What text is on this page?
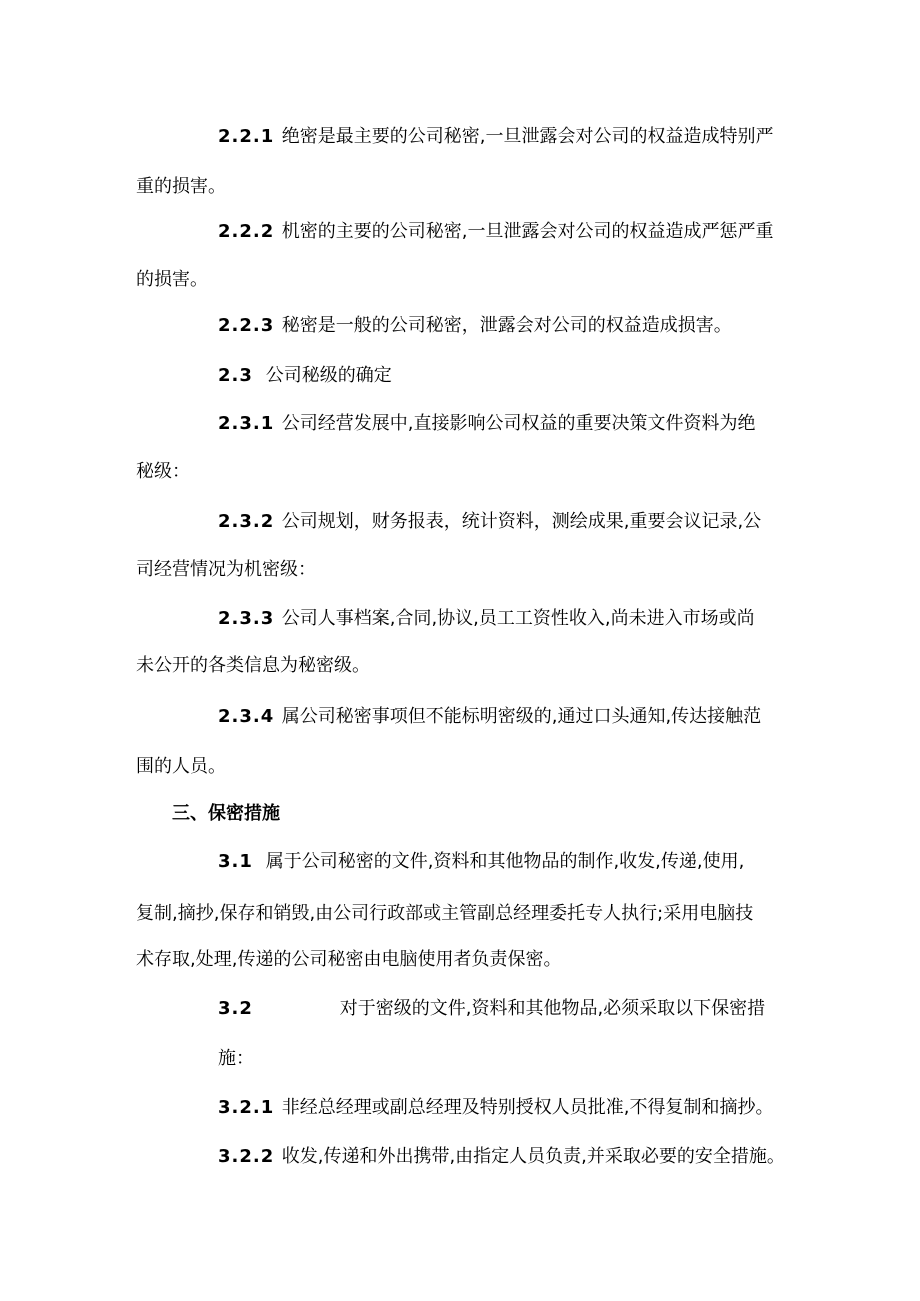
2.2.1 绝密是最主要的公司秘密,一旦泄露会对公司的权益造成特别严
重的损害。
2.2.2 机密的主要的公司秘密,一旦泄露会对公司的权益造成严惩严重
的损害。
2.2.3 秘密是一般的公司秘密，泄露会对公司的权益造成损害。
2.3 公司秘级的确定
2.3.1 公司经营发展中,直接影响公司权益的重要决策文件资料为绝
秘级：
2.3.2 公司规划，财务报表，统计资料，测绘成果,重要会议记录,公
司经营情况为机密级：
2.3.3 公司人事档案,合同,协议,员工工资性收入,尚未进入市场或尚
未公开的各类信息为秘密级。
2.3.4 属公司秘密事项但不能标明密级的,通过口头通知,传达接触范
围的人员。
三、保密措施
3.1 属于公司秘密的文件,资料和其他物品的制作,收发,传递,使用,
复制,摘抄,保存和销毁,由公司行政部或主管副总经理委托专人执行;采用电脑技
术存取,处理,传递的公司秘密由电脑使用者负责保密。
3.2	对于密级的文件,资料和其他物品,必须采取以下保密措
施：
3.2.1 非经总经理或副总经理及特别授权人员批准,不得复制和摘抄。
3.2.2 收发,传递和外出携带,由指定人员负责,并采取必要的安全措施。
